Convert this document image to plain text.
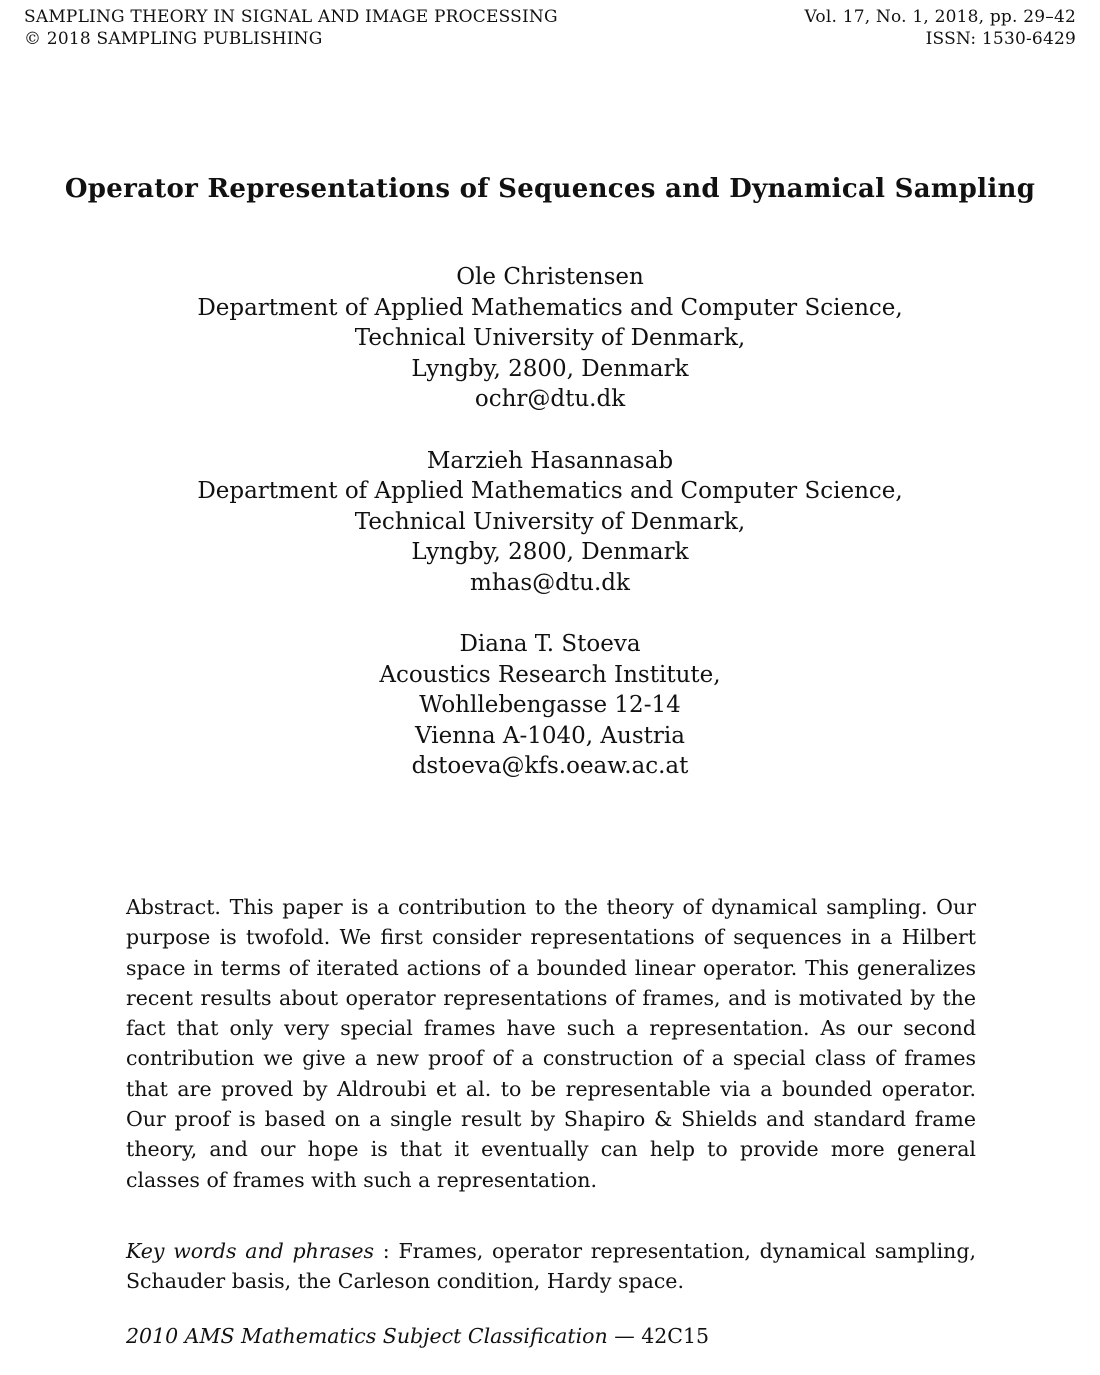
SAMPLING THEORY IN SIGNAL AND IMAGE PROCESSING	Vol. 17, No. 1, 2018, pp. 29–42
© 2018 SAMPLING PUBLISHING	ISSN: 1530-6429
Operator Representations of Sequences and Dynamical Sampling
Ole Christensen
Department of Applied Mathematics and Computer Science,
Technical University of Denmark,
Lyngby, 2800, Denmark
ochr@dtu.dk
Marzieh Hasannasab
Department of Applied Mathematics and Computer Science,
Technical University of Denmark,
Lyngby, 2800, Denmark
mhas@dtu.dk
Diana T. Stoeva
Acoustics Research Institute,
Wohllebengasse 12-14
Vienna A-1040, Austria
dstoeva@kfs.oeaw.ac.at
Abstract. This paper is a contribution to the theory of dynamical sampling. Our purpose is twofold. We first consider representations of sequences in a Hilbert space in terms of iterated actions of a bounded linear operator. This generalizes recent results about operator representations of frames, and is motivated by the fact that only very special frames have such a representation. As our second contribution we give a new proof of a construction of a special class of frames that are proved by Aldroubi et al. to be representable via a bounded operator. Our proof is based on a single result by Shapiro & Shields and standard frame theory, and our hope is that it eventually can help to provide more general classes of frames with such a representation.
Key words and phrases : Frames, operator representation, dynamical sampling, Schauder basis, the Carleson condition, Hardy space.
2010 AMS Mathematics Subject Classification — 42C15
